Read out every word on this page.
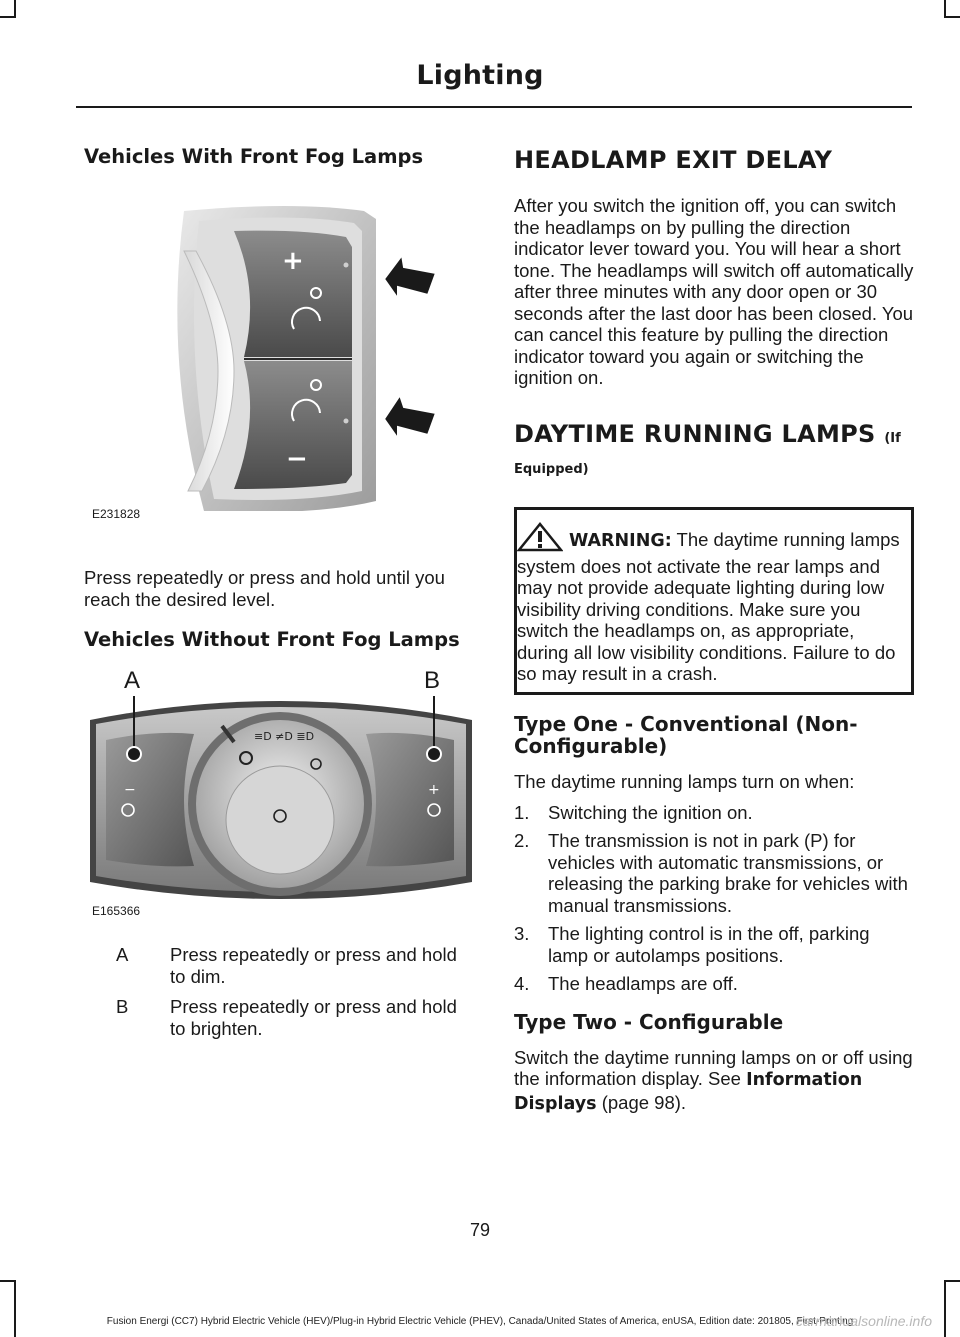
Lighting
Vehicles With Front Fog Lamps
+
−
E231828

Press repeatedly or press and hold until you reach the desired level.

Vehicles Without Front Fog Lamps
≡D ≠D ≣D
−	+
A	B
E165366
A	Press repeatedly or press and hold to dim.
B	Press repeatedly or press and hold to brighten.
HEADLAMP EXIT DELAY

After you switch the ignition off, you can switch the headlamps on by pulling the direction indicator lever toward you. You will hear a short tone. The headlamps will switch off automatically after three minutes with any door open or 30 seconds after the last door has been closed. You can cancel this feature by pulling the direction indicator toward you again or switching the ignition on.

DAYTIME RUNNING LAMPS (If
Equipped)

WARNING: The daytime running lamps system does not activate the rear lamps and may not provide adequate lighting during low visibility driving conditions. Make sure you switch the headlamps on, as appropriate, during all low visibility conditions. Failure to do so may result in a crash.

Type One - Conventional (Non-Configurable)

The daytime running lamps turn on when:

1.	Switching the ignition on.
2.	The transmission is not in park (P) for vehicles with automatic transmissions, or releasing the parking brake for vehicles with manual transmissions.
3.	The lighting control is in the off, parking lamp or autolamps positions.
4.	The headlamps are off.
Type Two - Configurable

Switch the daytime running lamps on or off using the information display. See Information Displays (page 98).

79
Fusion Energi (CC7) Hybrid Electric Vehicle (HEV)/Plug-in Hybrid Electric Vehicle (PHEV), Canada/United States of America, enUSA, Edition date: 201805, First-Printing
carmanualsonline.info
